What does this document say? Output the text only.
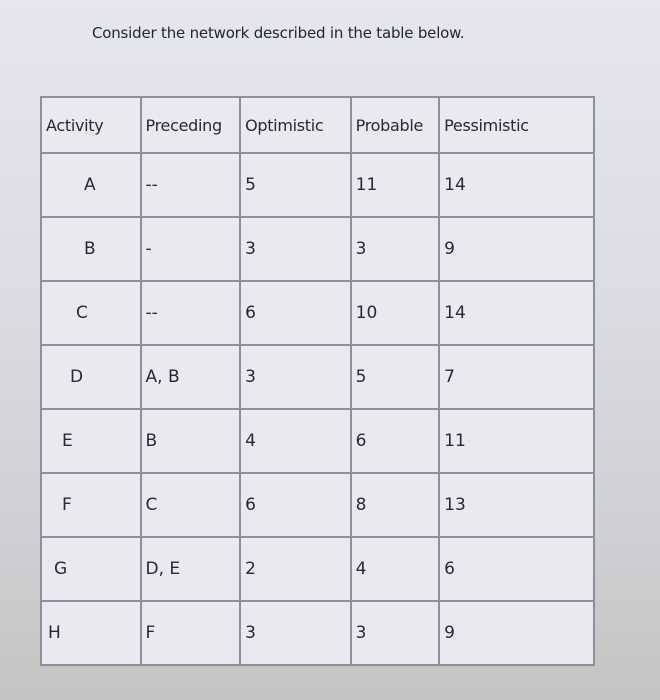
Consider the network described in the table below.
Activity	Preceding	Optimistic	Probable	Pessimistic
A	--	5	11	14
B	-	3	3	9
C	--	6	10	14
D	A, B	3	5	7
E	B	4	6	11
F	C	6	8	13
G	D, E	2	4	6
H	F	3	3	9
